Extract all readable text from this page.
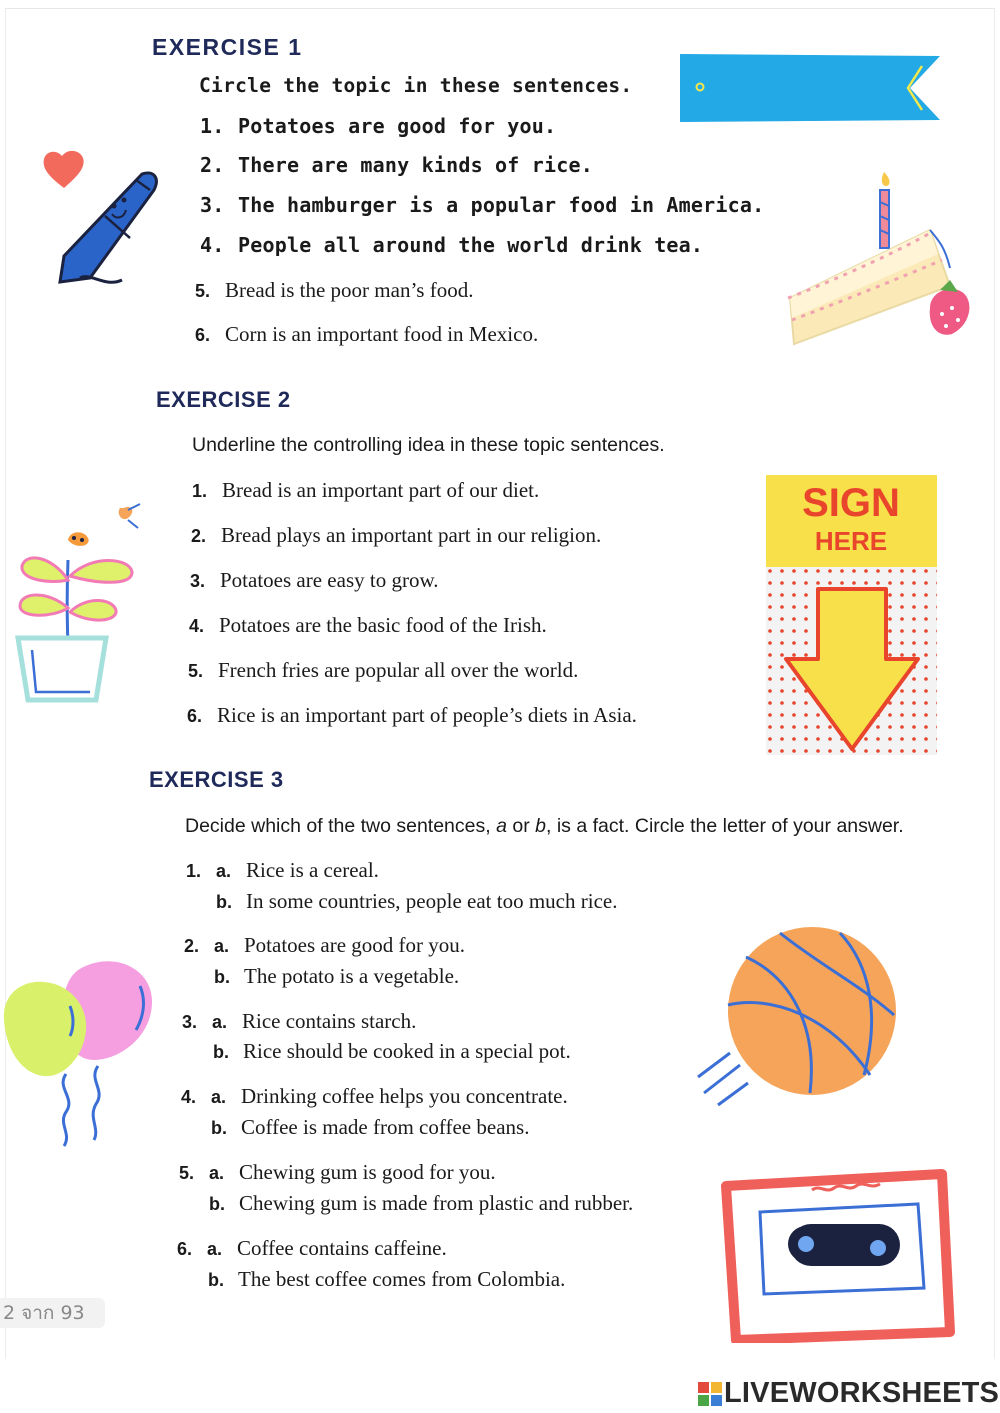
EXERCISE 1
Circle the topic in these sentences.
1. Potatoes are good for you.
2. There are many kinds of rice.
3. The hamburger is a popular food in America.
4. People all around the world drink tea.
5. Bread is the poor man’s food.
6. Corn is an important food in Mexico.
EXERCISE 2
Underline the controlling idea in these topic sentences.
1. Bread is an important part of our diet.
2. Bread plays an important part in our religion.
3. Potatoes are easy to grow.
4. Potatoes are the basic food of the Irish.
5. French fries are popular all over the world.
6. Rice is an important part of people’s diets in Asia.
EXERCISE 3
Decide which of the two sentences, a or b, is a fact. Circle the letter of your answer.
1. a. Rice is a cereal.
b. In some countries, people eat too much rice.
2. a. Potatoes are good for you.
b. The potato is a vegetable.
3. a. Rice contains starch.
b. Rice should be cooked in a special pot.
4. a. Drinking coffee helps you concentrate.
b. Coffee is made from coffee beans.
5. a. Chewing gum is good for you.
b. Chewing gum is made from plastic and rubber.
6. a. Coffee contains caffeine.
b. The best coffee comes from Colombia.
SIGN
HERE
2 จาก 93
LIVEWORKSHEETS
